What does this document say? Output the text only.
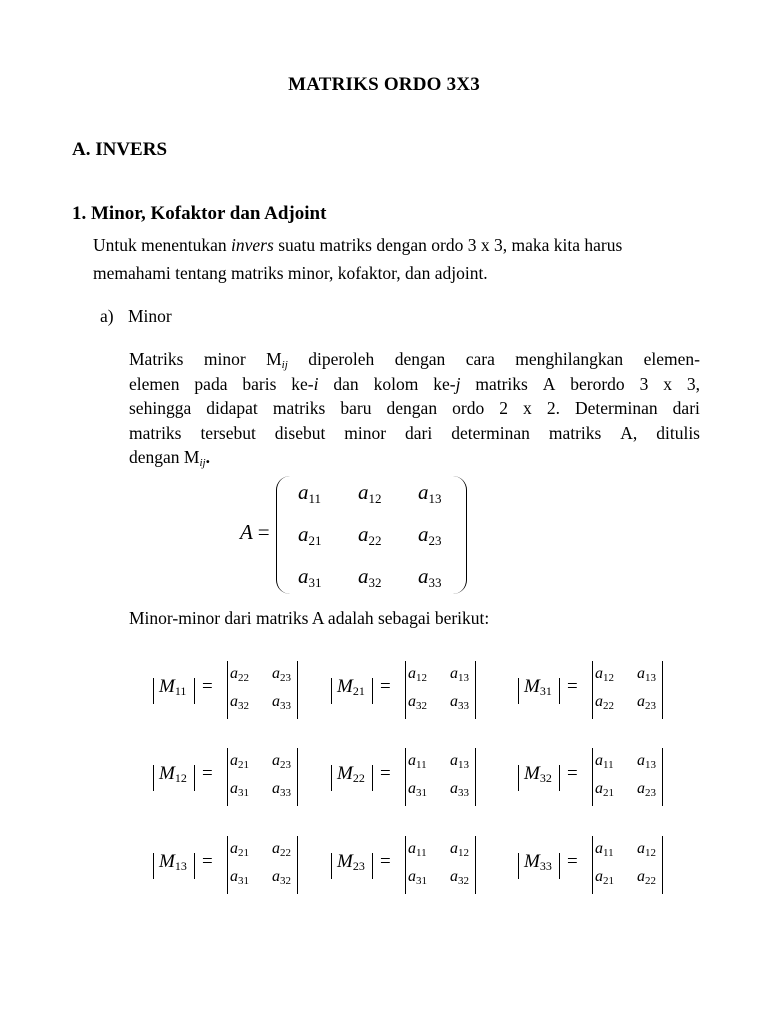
MATRIKS ORDO 3X3
A. INVERS
1. Minor, Kofaktor dan Adjoint
Untuk menentukan invers suatu matriks dengan ordo 3 x 3, maka kita harus
memahami tentang matriks minor, kofaktor, dan adjoint.
a) Minor
Matriks minor $M_{ij}$ diperoleh dengan cara menghilangkan elemen-
elemen pada baris ke-i dan kolom ke-j matriks A berordo 3 x 3,
sehingga didapat matriks baru dengan ordo 2 x 2. Determinan dari
matriks tersebut disebut minor dari determinan matriks A, ditulis
dengan $M_{ij}$.
A =
$a_{11}$	$a_{12}$	$a_{13}$
$a_{21}$	$a_{22}$	$a_{23}$
$a_{31}$	$a_{32}$	$a_{33}$
Minor-minor dari matriks A adalah sebagai berikut:
$M_{11}$ =
$a_{22}$ $a_{23}$
$a_{32}$ $a_{33}$
$M_{21}$ =
$a_{12}$ $a_{13}$
$a_{32}$ $a_{33}$
$M_{31}$ =
$a_{12}$ $a_{13}$
$a_{22}$ $a_{23}$
$M_{12}$ =
$a_{21}$ $a_{23}$
$a_{31}$ $a_{33}$
$M_{22}$ =
$a_{11}$ $a_{13}$
$a_{31}$ $a_{33}$
$M_{32}$ =
$a_{11}$ $a_{13}$
$a_{21}$ $a_{23}$
$M_{13}$ =
$a_{21}$ $a_{22}$
$a_{31}$ $a_{32}$
$M_{23}$ =
$a_{11}$ $a_{12}$
$a_{31}$ $a_{32}$
$M_{33}$ =
$a_{11}$ $a_{12}$
$a_{21}$ $a_{22}$
